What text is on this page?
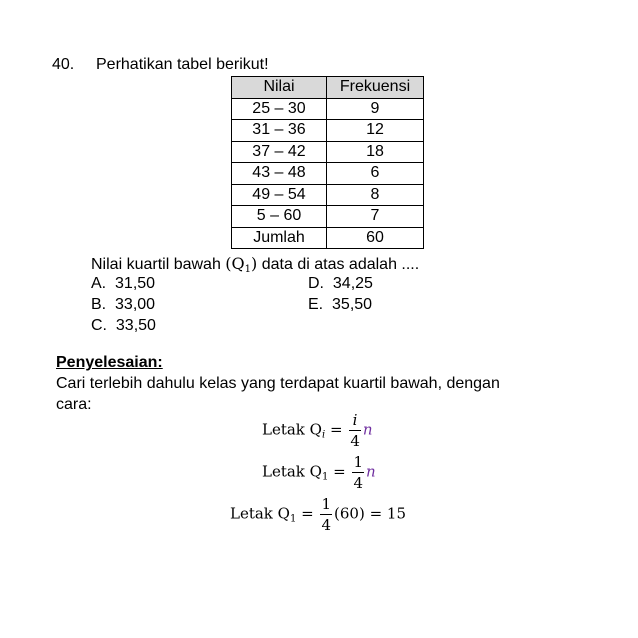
40. Perhatikan tabel berikut!
Nilai	Frekuensi
25 – 30	9
31 – 36	12
37 – 42	18
43 – 48	6
49 – 54	8
5 – 60	7
Jumlah	60
Nilai kuartil bawah $(Q_1)$ data di atas adalah ....
A. 31,50
B. 33,00
C. 33,50
D. 34,25
E. 35,50
Penyelesaian:
Cari terlebih dahulu kelas yang terdapat kuartil bawah, dengan
cara:
Letak $Q_i = \frac{i}{4}$ n
Letak $Q_1 = \frac{1}{4}$ n
Letak $Q_1 = \frac{1}{4} (60) = 15$
